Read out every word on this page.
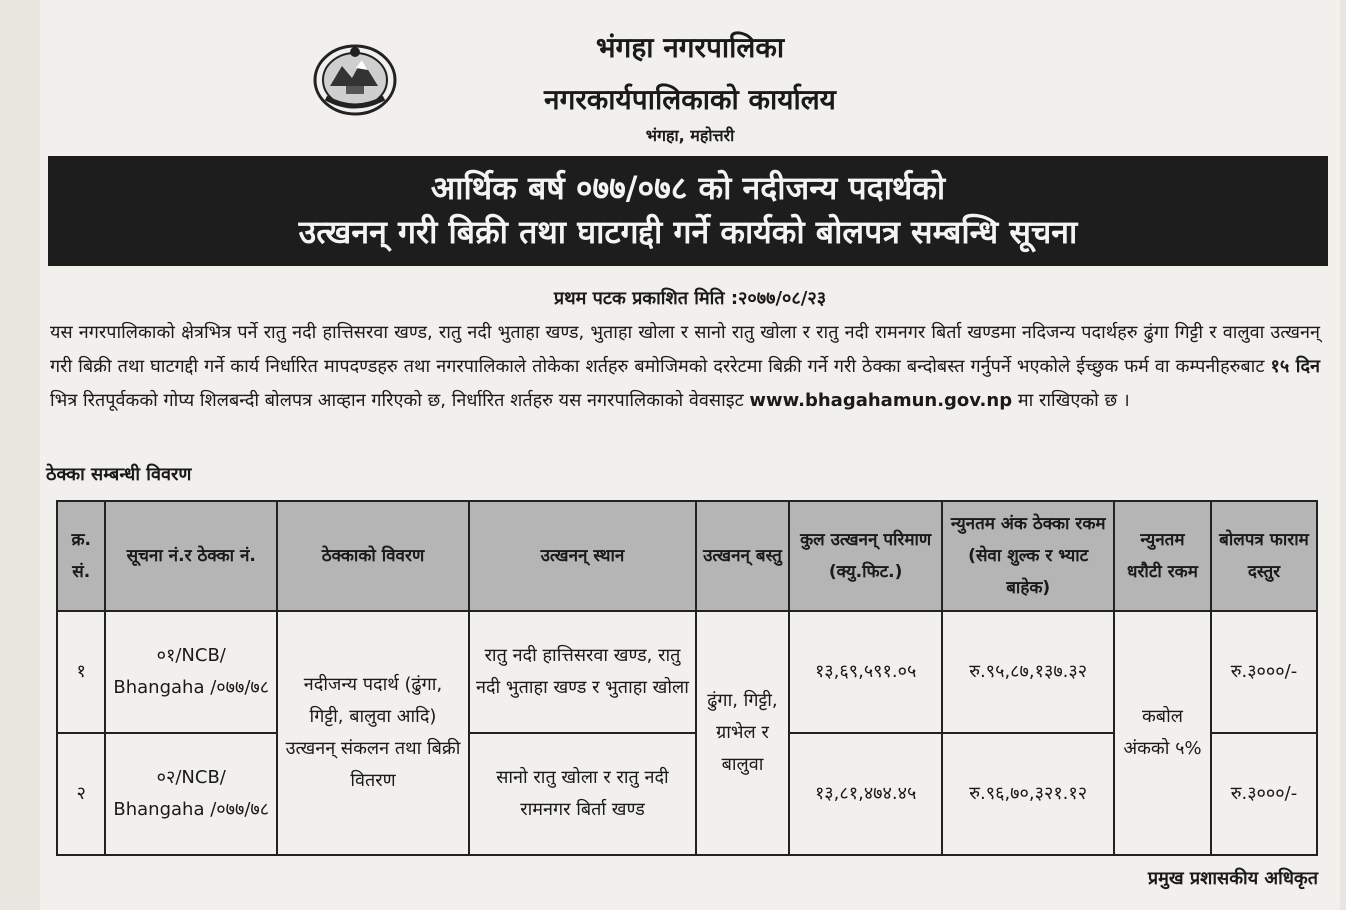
भंगहा नगरपालिका
नगरकार्यपालिकाको कार्यालय
भंगहा, महोत्तरी
आर्थिक बर्ष ०७७/०७८ को नदीजन्य पदार्थको
उत्खनन् गरी बिक्री तथा घाटगद्दी गर्ने कार्यको बोलपत्र सम्बन्धि सूचना
प्रथम पटक प्रकाशित मिति :२०७७/०८/२३
यस नगरपालिकाको क्षेत्रभित्र पर्ने रातु नदी हात्तिसरवा खण्ड, रातु नदी भुताहा खण्ड, भुताहा खोला र सानो रातु खोला र रातु नदी रामनगर बिर्ता खण्डमा नदिजन्य पदार्थहरु ढुंगा गिट्टी र वालुवा उत्खनन् गरी बिक्री तथा घाटगद्दी गर्ने कार्य निर्धारित मापदण्डहरु तथा नगरपालिकाले तोकेका शर्तहरु बमोजिमको दररेटमा बिक्री गर्ने गरी ठेक्का बन्दोबस्त गर्नुपर्ने भएकोले ईच्छुक फर्म वा कम्पनीहरुबाट १५ दिन भित्र रितपूर्वकको गोप्य शिलबन्दी बोलपत्र आव्हान गरिएको छ, निर्धारित शर्तहरु यस नगरपालिकाको वेवसाइट www.bhagahamun.gov.np मा राखिएको छ ।
ठेक्का सम्बन्धी विवरण
क्र. सं.	सूचना नं.र ठेक्का नं.	ठेक्काको विवरण	उत्खनन् स्थान	उत्खनन् बस्तु	कुल उत्खनन् परिमाण (क्यु.फिट.)	न्युनतम अंक ठेक्का रकम (सेवा शुल्क र भ्याट बाहेक)	न्युनतम धरौटी रकम	बोलपत्र फाराम दस्तुर
१	०१/NCB/ Bhangaha /०७७/७८	नदीजन्य पदार्थ (ढुंगा, गिट्टी, बालुवा आदि) उत्खनन् संकलन तथा बिक्री वितरण	रातु नदी हात्तिसरवा खण्ड, रातु नदी भुताहा खण्ड र भुताहा खोला	ढुंगा, गिट्टी, ग्राभेल र बालुवा	१३,६९,५९१.०५	रु.९५,८७,१३७.३२	कबोल अंकको ५%	रु.३०००/-
२	०२/NCB/ Bhangaha /०७७/७८		सानो रातु खोला र रातु नदी रामनगर बिर्ता खण्ड		१३,८१,४७४.४५	रु.९६,७०,३२१.१२		रु.३०००/-
प्रमुख प्रशासकीय अधिकृत
